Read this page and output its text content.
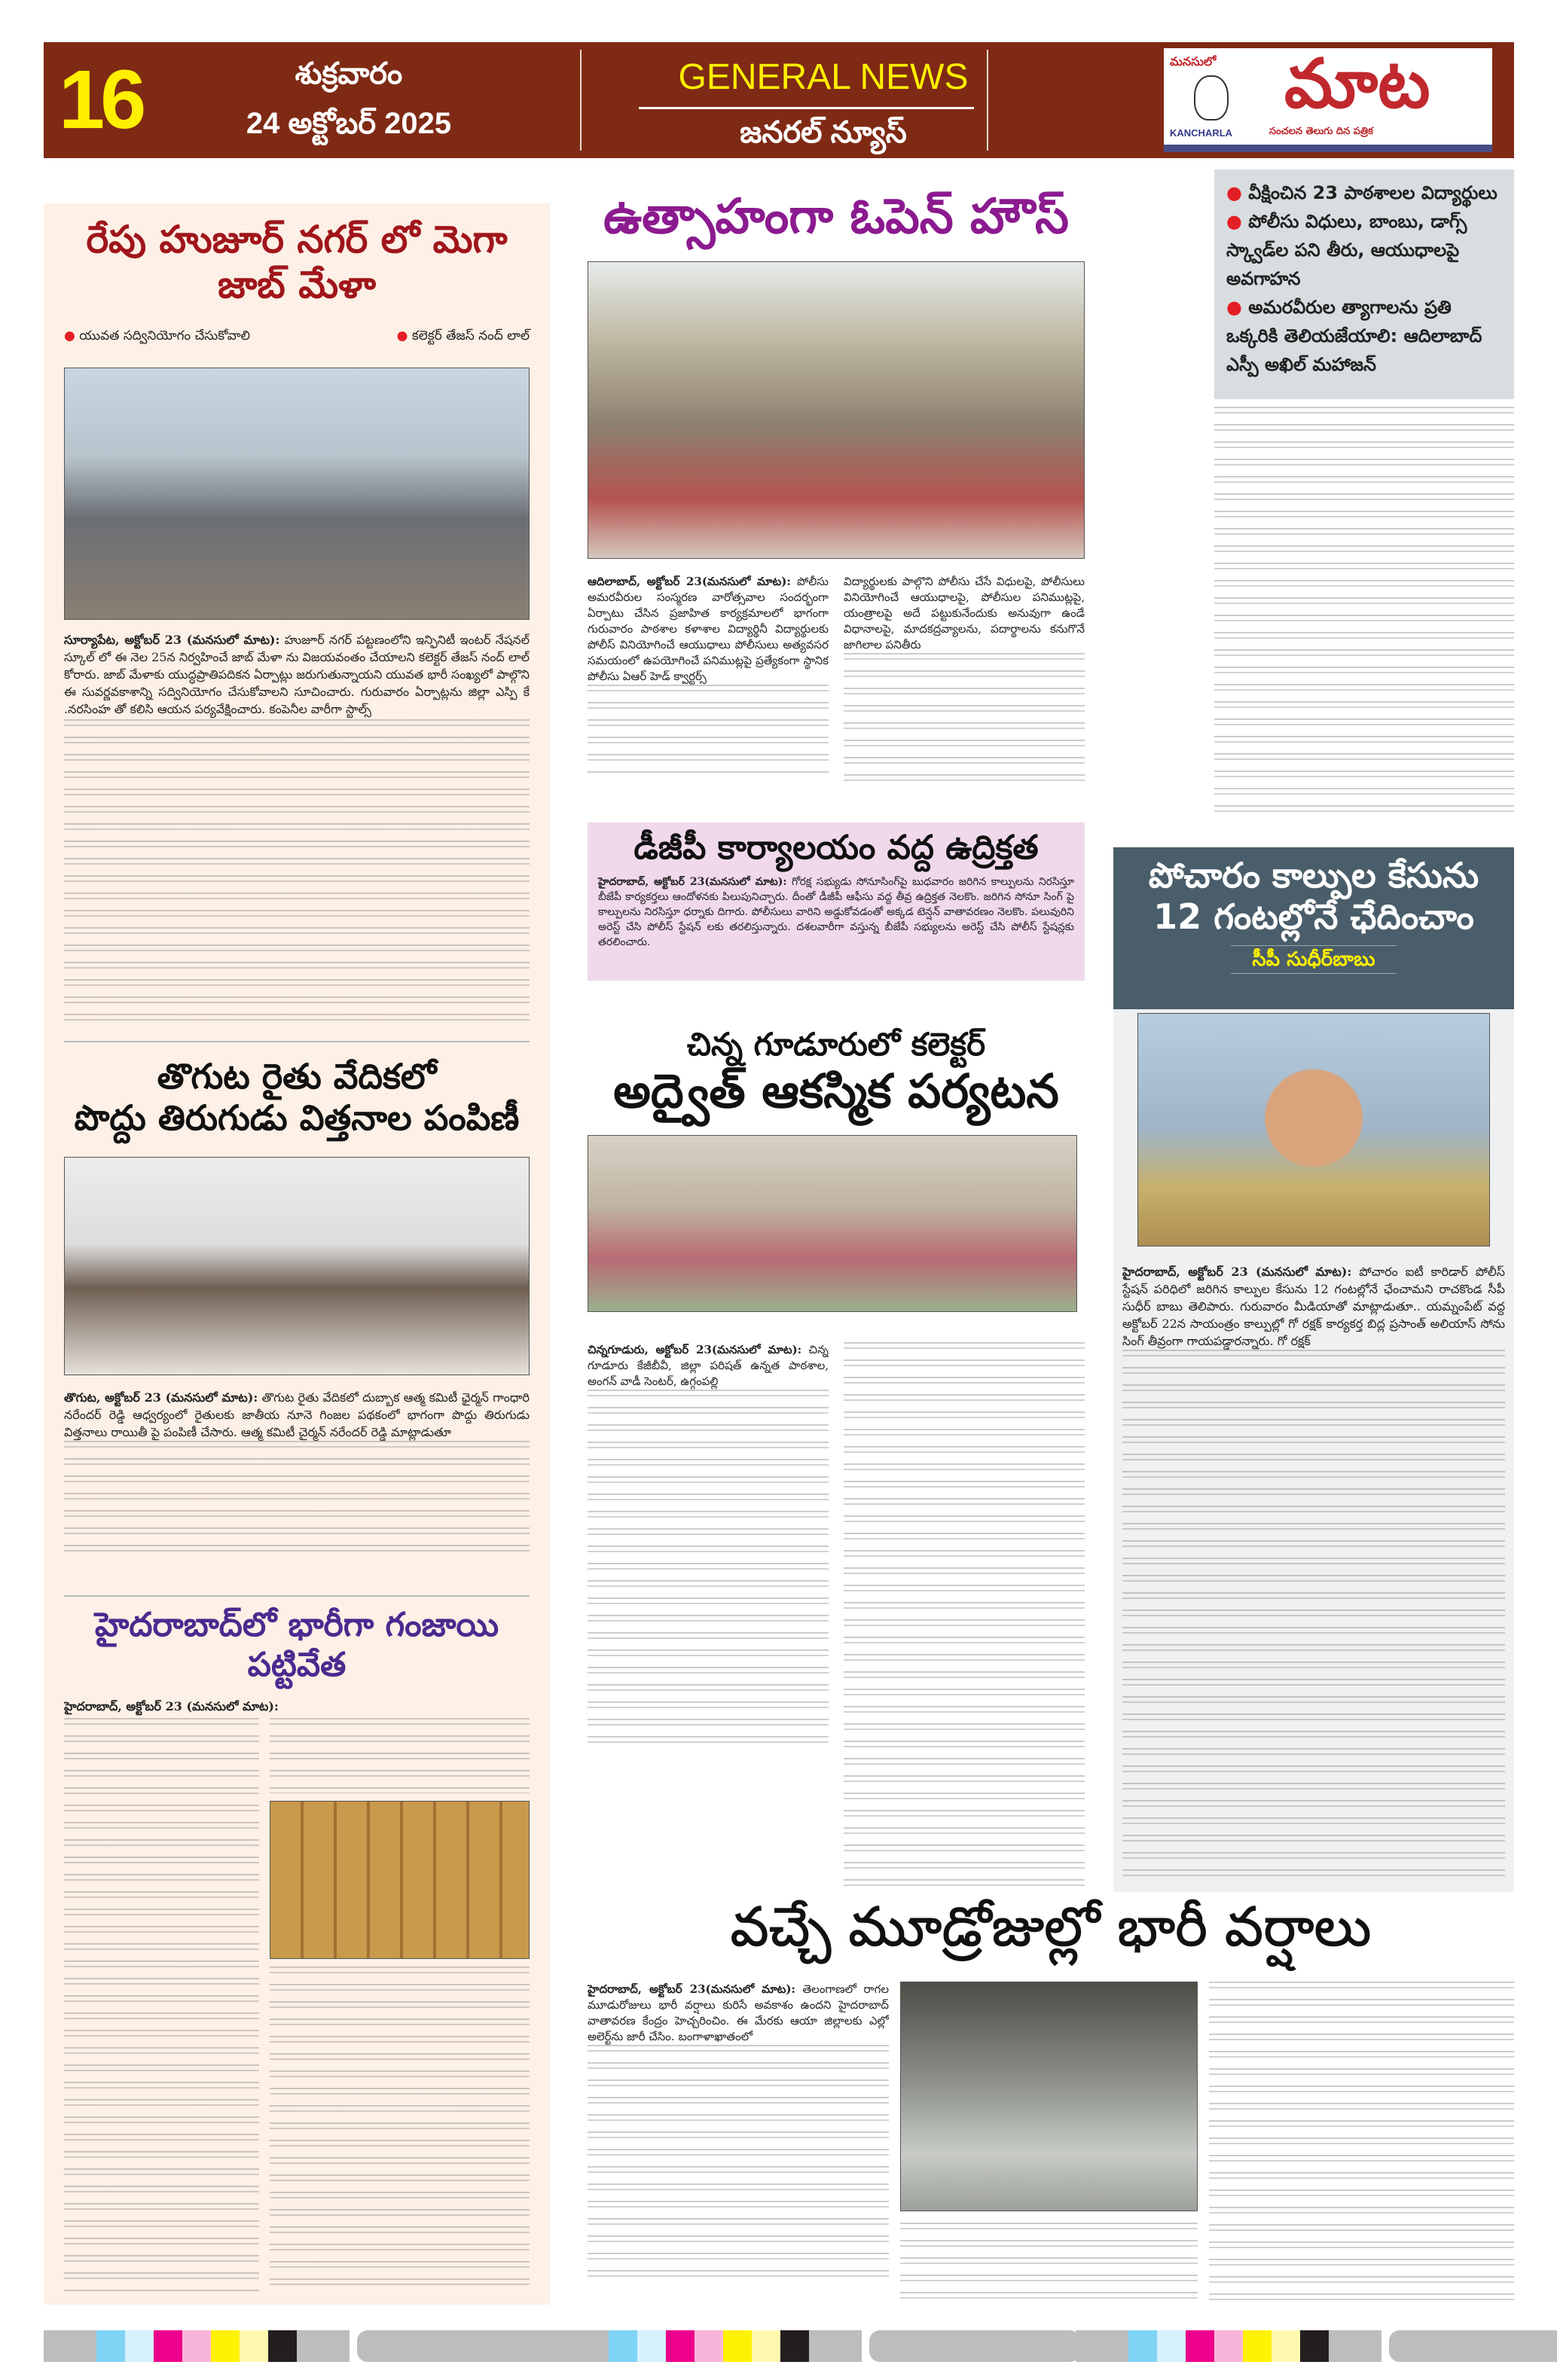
16	శుక్రవారం
24 అక్టోబర్ 2025
GENERAL NEWS
జనరల్ న్యూస్
మనసులో	మాట
KANCHARLA	సంచలన తెలుగు దిన పత్రిక
రేపు హుజూర్ నగర్ లో మెగా జాబ్ మేళా
● యువత సద్వినియోగం చేసుకోవాలి	● కలెక్టర్ తేజస్ నంద్ లాల్
సూర్యాపేట, అక్టోబర్ 23 (మనసులో మాట): హుజూర్ నగర్ పట్టణంలోని ఇన్ఫినిటీ ఇంటర్ నేషనల్ స్కూల్ లో ఈ నెల 25న నిర్వహించే జాబ్ మేళా ను విజయవంతం చేయాలని కలెక్టర్ తేజస్ నంద్ లాల్ కోరారు. జాబ్ మేళాకు యుద్ధప్రాతిపదికన ఏర్పాట్లు జరుగుతున్నాయని యువత భారీ సంఖ్యలో పాల్గొని ఈ సువర్ణవకాశాన్ని సద్వినియోగం చేసుకోవాలని సూచించారు. గురువారం ఏర్పాట్లను జిల్లా ఎస్పి కే .నరసింహ తో కలిసి ఆయన పర్యవేక్షించారు. కంపెనీల వారీగా స్టాల్స్
తొగుట రైతు వేదికలో
పొద్దు తిరుగుడు విత్తనాల పంపిణీ
తొగుట, అక్టోబర్ 23 (మనసులో మాట): తొగుట రైతు వేదికలో దుబ్బాక ఆత్మ కమిటీ ఛైర్మన్ గాంధారి నరేందర్ రెడ్డి ఆధ్వర్యంలో రైతులకు జాతీయ నూనె గింజల పథకంలో భాగంగా పొద్దు తిరుగుడు విత్తనాలు రాయితీ పై పంపిణీ చేసారు. ఆత్మ కమిటీ చైర్మన్ నరేందర్ రెడ్డి మాట్లాడుతూ
హైదరాబాద్‌లో భారీగా గంజాయి పట్టివేత
హైదరాబాద్, అక్టోబర్ 23 (మనసులో మాట):
ఉత్సాహంగా ఓపెన్ హౌస్
ఆదిలాబాద్, అక్టోబర్ 23(మనసులో మాట): పోలీసు అమరవీరుల సంస్మరణ వారోత్సవాల సందర్భంగా ఏర్పాటు చేసిన ప్రజాహిత కార్యక్రమాలలో భాగంగా గురువారం పాఠశాల కళాశాల విద్యార్థినీ విద్యార్థులకు పోలీస్ వినియోగించే ఆయుధాలు పోలీసులు అత్యవసర సమయంలో ఉపయోగించే పనిముట్లపై ప్రత్యేకంగా స్థానిక పోలీసు ఏఆర్ హెడ్ క్వార్టర్స్
విద్యార్థులకు పాల్గొని పోలీసు చేసే విధులపై, పోలీసులు వినియోగించే ఆయుధాలపై, పోలీసుల పనిముట్లపై, యంత్రాలపై అదే పట్టుకునేందుకు అనువుగా ఉండే విధానాలపై, మాదకద్రవ్యాలను, పదార్థాలను కనుగొనే జాగిలాల పనితీరు
డీజీపీ కార్యాలయం వద్ద ఉద్రిక్తత
హైదరాబాద్, అక్టోబర్ 23(మనసులో మాట): గోరక్ష సభ్యుడు సోనూసింగ్‌పై బుధవారం జరిగిన కాల్పులను నిరసిస్తూ బీజేపీ కార్యకర్తలు ఆందోళనకు పిలుపునిచ్చారు. దీంతో డీజీపీ ఆఫీసు వద్ద తీవ్ర ఉద్రిక్తత నెలకొం. జరిగిన సోనూ సింగ్ పై కాల్పులను నిరసిస్తూ ధర్నాకు దిగారు. పోలీసులు వారిని అడ్డుకోవడంతో అక్కడ టెన్షన్ వాతావరణం నెలకొం. పలువురిని అరెస్ట్ చేసి పోలీస్ స్టేషన్ లకు తరలిస్తున్నారు. దశలవారీగా వస్తున్న బీజేపీ సభ్యులను అరెస్ట్ చేసి పోలీస్ స్టేషన్లకు తరలించారు.
చిన్న గూడూరులో కలెక్టర్
అద్వైత్ ఆకస్మిక పర్యటన
చిన్నగూడురు, అక్టోబర్ 23(మనసులో మాట): చిన్న గూడూరు కేజీబీవీ, జిల్లా పరిషత్ ఉన్నత పాఠశాల, అంగన్ వాడీ సెంటర్, ఉగ్గంపల్లి
● వీక్షించిన 23 పాఠశాలల విద్యార్థులు
● పోలీసు విధులు, బాంబు, డాగ్స్ స్క్వాడ్‌ల పని తీరు, ఆయుధాలపై అవగాహన
● అమరవీరుల త్యాగాలను ప్రతి ఒక్కరికి తెలియజేయాలి: ఆదిలాబాద్ ఎస్పీ అఖిల్ మహాజన్
పోచారం కాల్పుల కేసును
12 గంటల్లోనే ఛేదించాం
సీపీ సుధీర్‌బాబు
హైదరాబాద్, అక్టోబర్ 23 (మనసులో మాట): పోచారం ఐటీ కారిడార్ పోలీస్ స్టేషన్ పరిధిలో జరిగిన కాల్పుల కేసును 12 గంటల్లోనే ఛేంచామని రాచకొండ సీపీ సుధీర్ బాబు తెలిపారు. గురువారం మీడియాతో మాట్లాడుతూ.. యమ్నంపేట్ వద్ద అక్టోబర్ 22న సాయంత్రం కాల్పుల్లో గో రక్షక్ కార్యకర్త బిద్ల ప్రసాంత్ అలియాస్ సోను సింగ్ తీవ్రంగా గాయపడ్డారన్నారు. గో రక్షక్
వచ్చే మూడ్రోజుల్లో భారీ వర్షాలు
హైదరాబాద్, అక్టోబర్ 23(మనసులో మాట): తెలంగాణలో రాగల మూడురోజులు భారీ వర్షాలు కురిసే అవకాశం ఉందని హైదరాబాద్ వాతావరణ కేంద్రం హెచ్చరించిం. ఈ మేరకు ఆయా జిల్లాలకు ఎల్లో అలెర్ట్‌ను జారీ చేసిం. బంగాళాఖాతంలో
